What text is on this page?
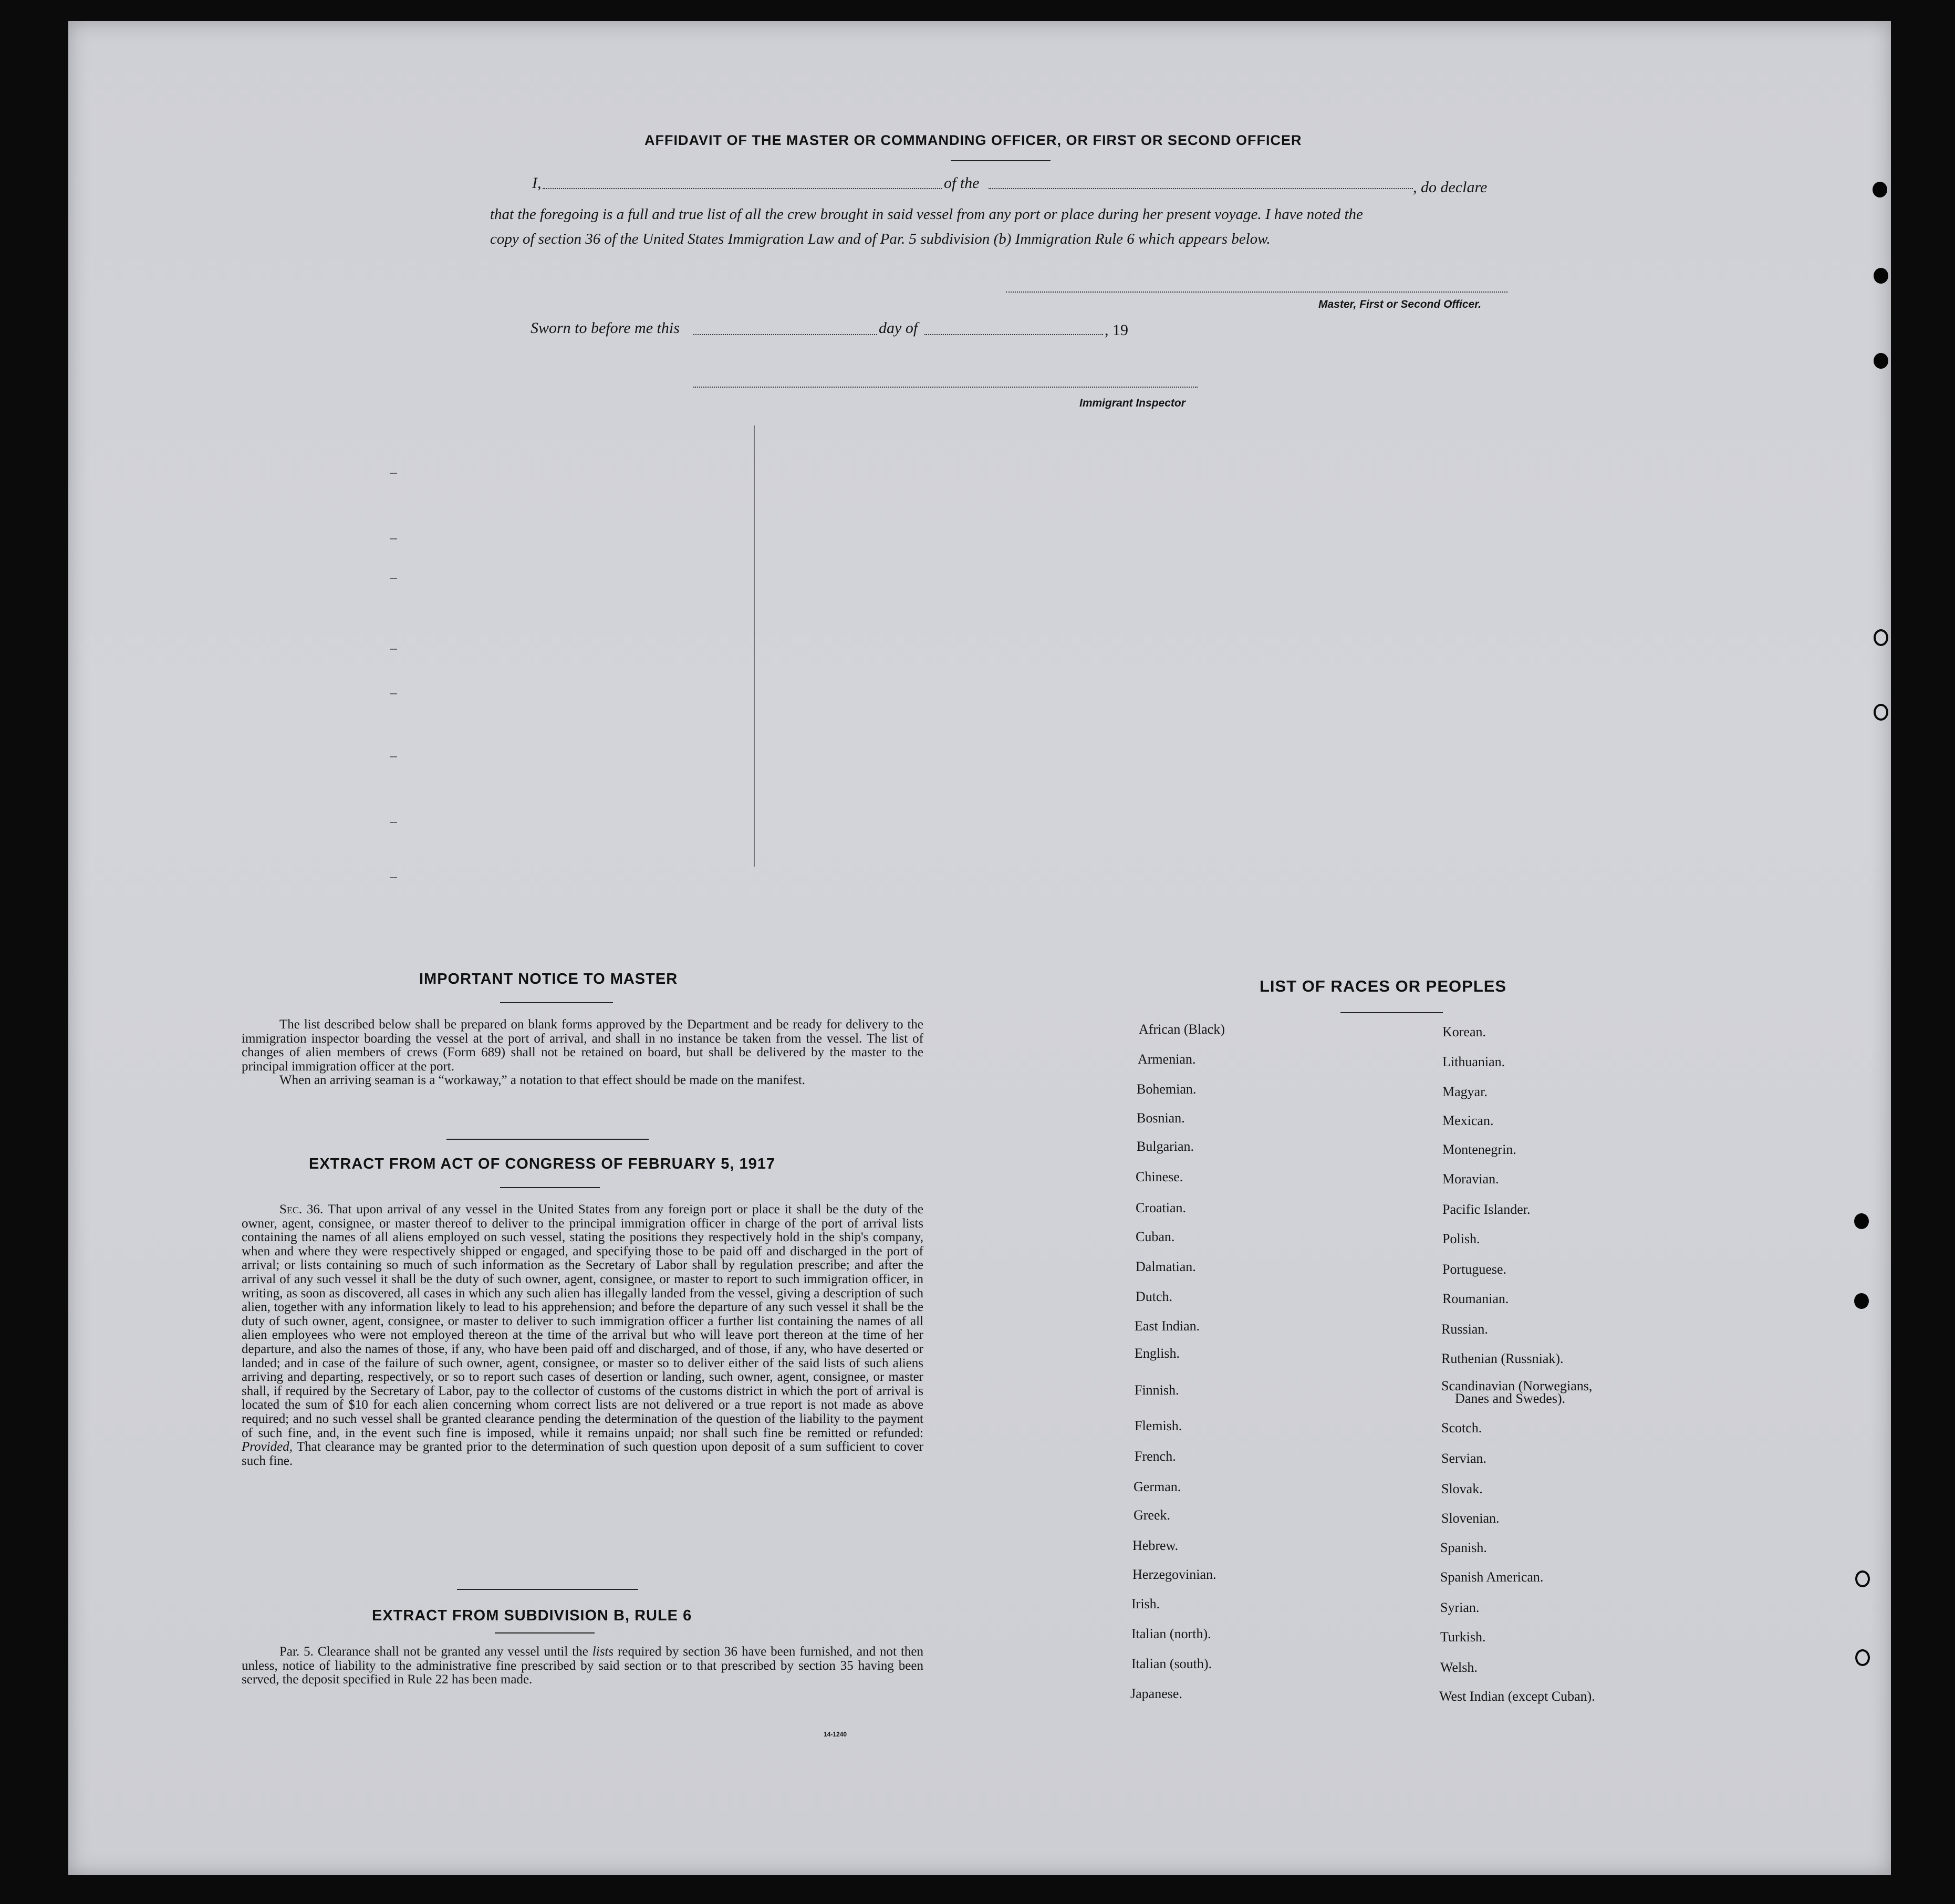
AFFIDAVIT OF THE MASTER OR COMMANDING OFFICER, OR FIRST OR SECOND OFFICER
I,	of the	, do declare
that the foregoing is a full and true list of all the crew brought in said vessel from any port or place during her present voyage. I have noted the
copy of section 36 of the United States Immigration Law and of Par. 5 subdivision (b) Immigration Rule 6 which appears below.
Master, First or Second Officer.
Sworn to before me this	day of	, 19
Immigrant Inspector
IMPORTANT NOTICE TO MASTER

The list described below shall be prepared on blank forms approved by the Department and be ready for delivery to the immigration inspector boarding the vessel at the port of arrival, and shall in no instance be taken from the vessel. The list of changes of alien members of crews (Form 689) shall not be retained on board, but shall be delivered by the master to the principal immigration officer at the port.

When an arriving seaman is a “workaway,” a notation to that effect should be made on the manifest.

EXTRACT FROM ACT OF CONGRESS OF FEBRUARY 5, 1917

Sec. 36. That upon arrival of any vessel in the United States from any foreign port or place it shall be the duty of the owner, agent, consignee, or master thereof to deliver to the principal immigration officer in charge of the port of arrival lists containing the names of all aliens employed on such vessel, stating the positions they respectively hold in the ship's company, when and where they were respectively shipped or engaged, and specifying those to be paid off and discharged in the port of arrival; or lists containing so much of such information as the Secretary of Labor shall by regulation prescribe; and after the arrival of any such vessel it shall be the duty of such owner, agent, consignee, or master to report to such immigration officer, in writing, as soon as discovered, all cases in which any such alien has illegally landed from the vessel, giving a description of such alien, together with any information likely to lead to his apprehension; and before the departure of any such vessel it shall be the duty of such owner, agent, consignee, or master to deliver to such immigration officer a further list containing the names of all alien employees who were not employed thereon at the time of the arrival but who will leave port thereon at the time of her departure, and also the names of those, if any, who have been paid off and discharged, and of those, if any, who have deserted or landed; and in case of the failure of such owner, agent, consignee, or master so to deliver either of the said lists of such aliens arriving and departing, respectively, or so to report such cases of desertion or landing, such owner, agent, consignee, or master shall, if required by the Secretary of Labor, pay to the collector of customs of the customs district in which the port of arrival is located the sum of $10 for each alien concerning whom correct lists are not delivered or a true report is not made as above required; and no such vessel shall be granted clearance pending the determination of the question of the liability to the payment of such fine, and, in the event such fine is imposed, while it remains unpaid; nor shall such fine be remitted or refunded: Provided, That clearance may be granted prior to the determination of such question upon deposit of a sum sufficient to cover such fine.

EXTRACT FROM SUBDIVISION B, RULE 6

Par. 5. Clearance shall not be granted any vessel until the lists required by section 36 have been furnished, and not then unless, notice of liability to the administrative fine prescribed by said section or to that prescribed by section 35 having been served, the deposit specified in Rule 22 has been made.

14-1240
LIST OF RACES OR PEOPLES
African (Black)
Armenian.
Bohemian.
Bosnian.
Bulgarian.
Chinese.
Croatian.
Cuban.
Dalmatian.
Dutch.
East Indian.
English.
Finnish.
Flemish.
French.
German.
Greek.
Hebrew.
Herzegovinian.
Irish.
Italian (north).
Italian (south).
Japanese.
Korean.
Lithuanian.
Magyar.
Mexican.
Montenegrin.
Moravian.
Pacific Islander.
Polish.
Portuguese.
Roumanian.
Russian.
Ruthenian (Russniak).
Scandinavian (Norwegians,
Danes and Swedes).
Scotch.
Servian.
Slovak.
Slovenian.
Spanish.
Spanish American.
Syrian.
Turkish.
Welsh.
West Indian (except Cuban).
